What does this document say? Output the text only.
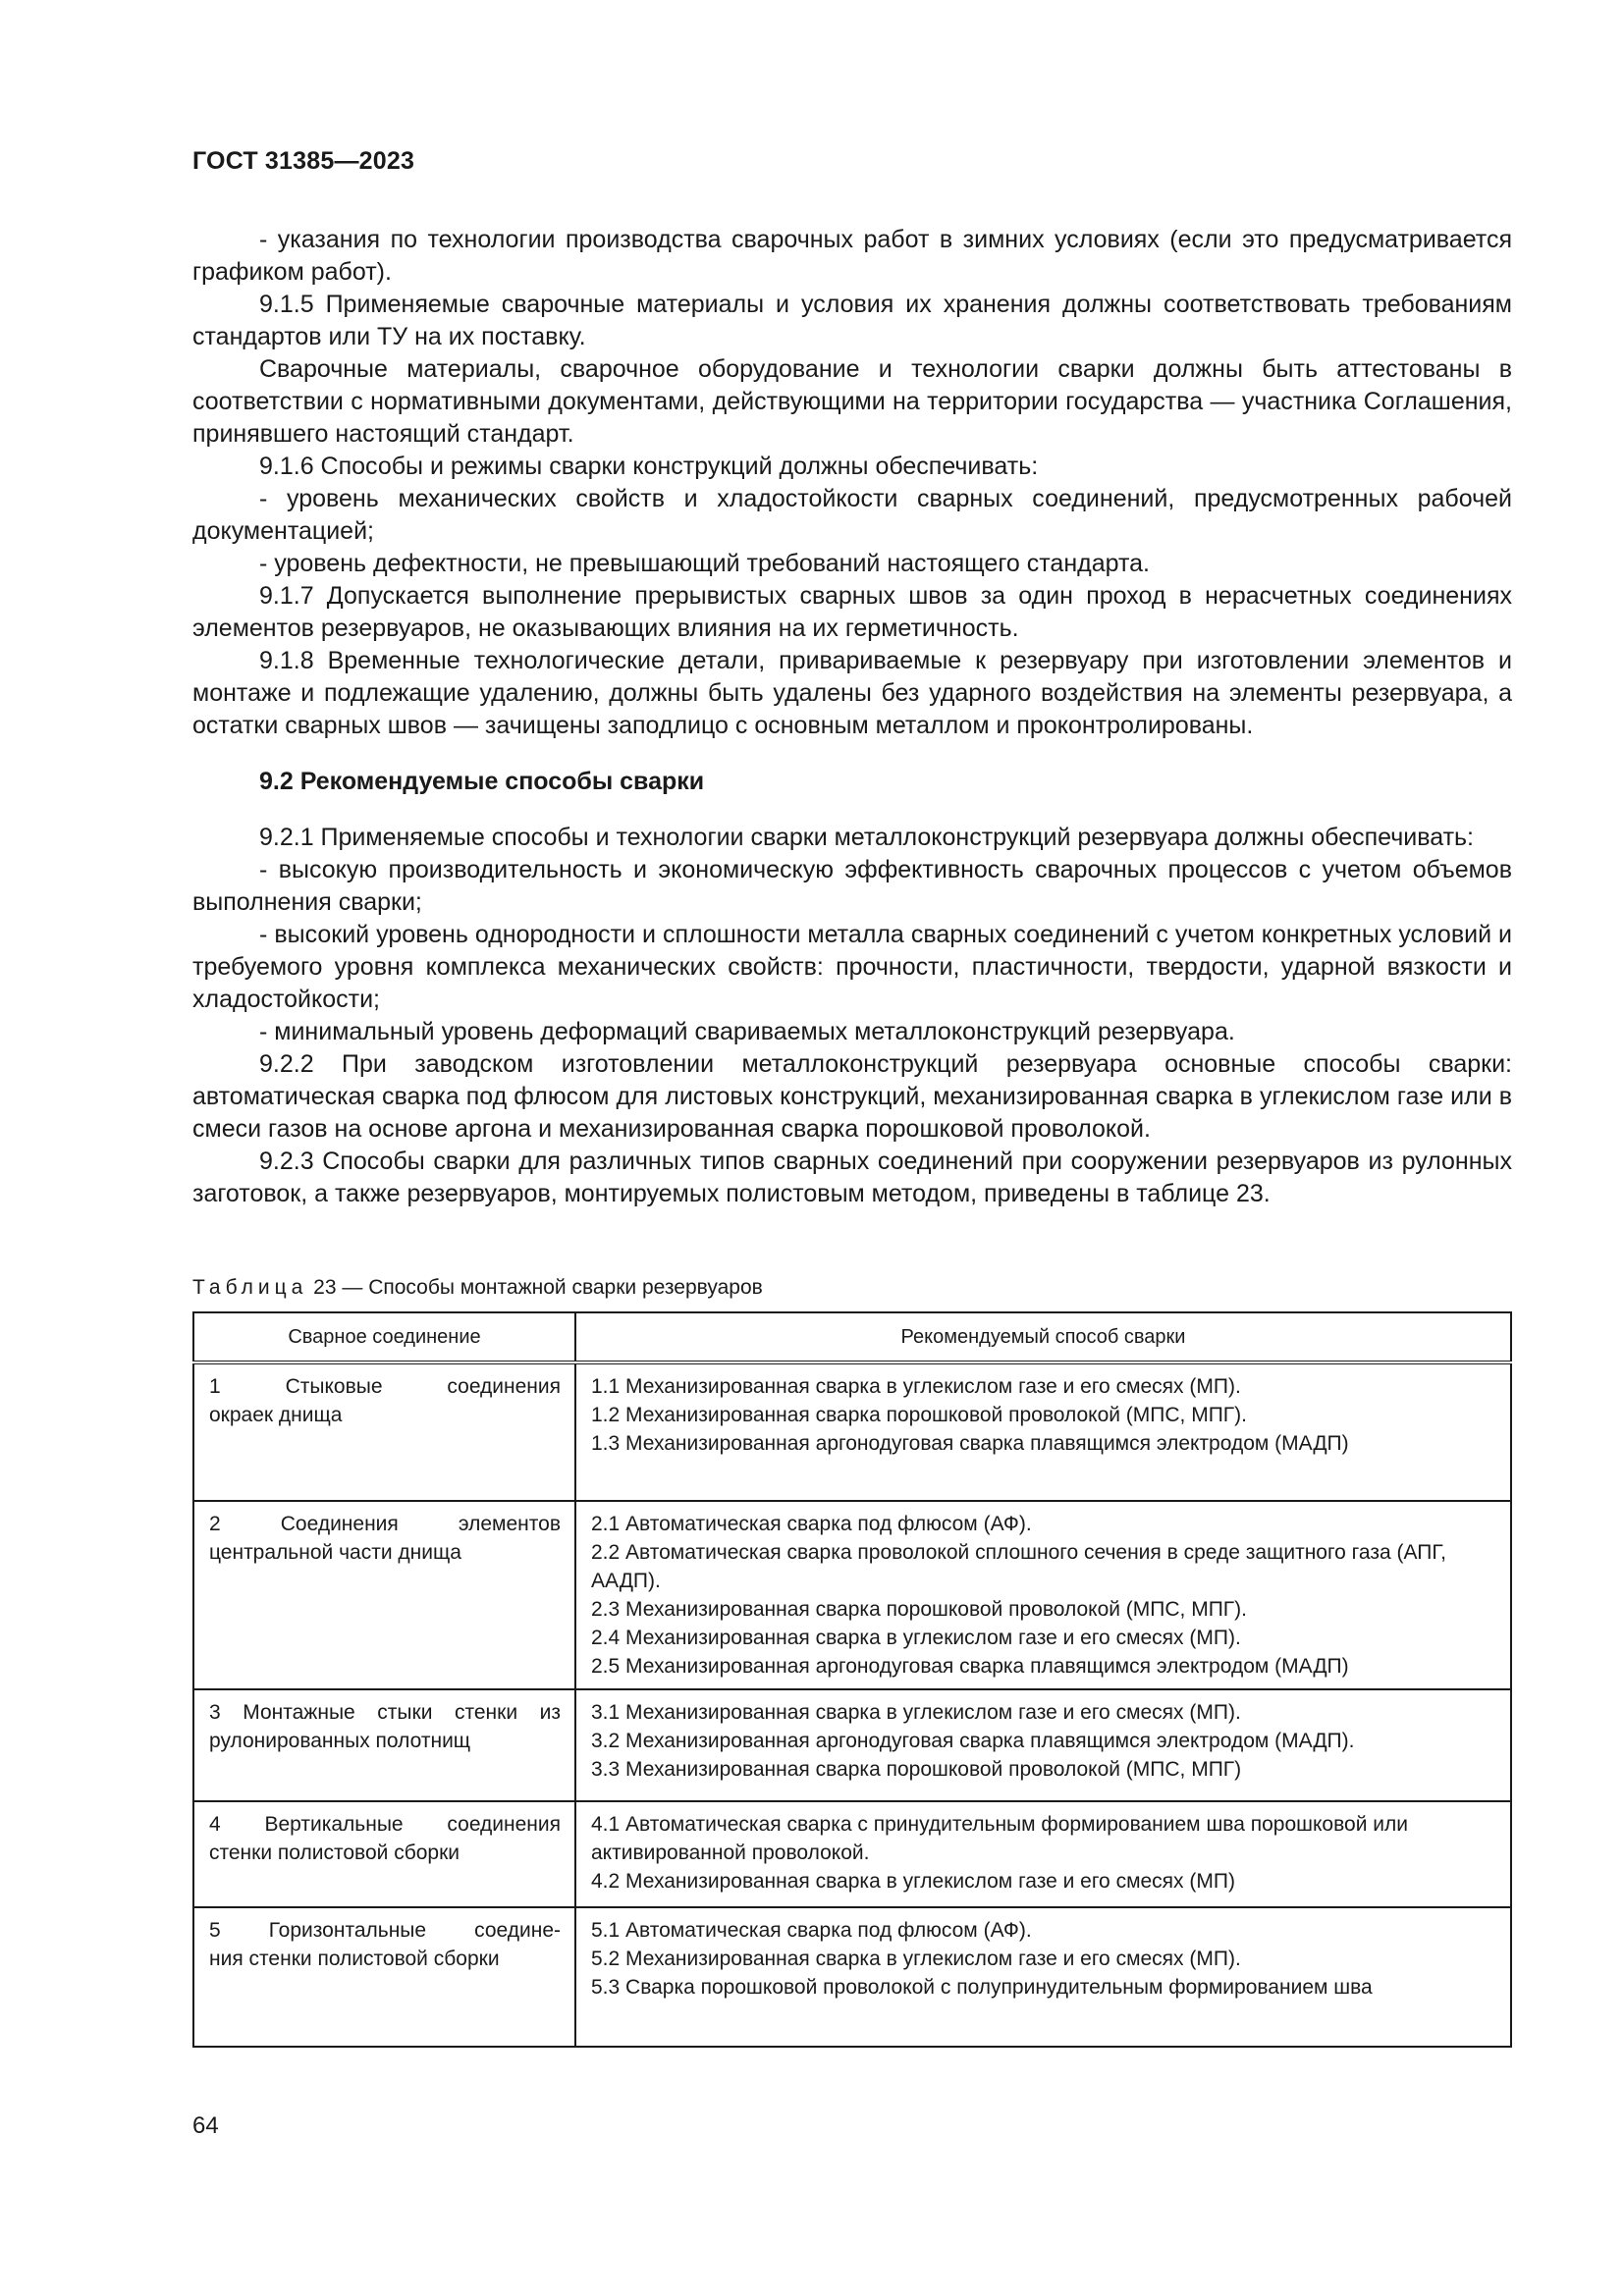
ГОСТ 31385—2023

- указания по технологии производства сварочных работ в зимних условиях (если это предусматривается графиком работ).

9.1.5 Применяемые сварочные материалы и условия их хранения должны соответствовать требованиям стандартов или ТУ на их поставку.

Сварочные материалы, сварочное оборудование и технологии сварки должны быть аттестованы в соответствии с нормативными документами, действующими на территории государства — участника Соглашения, принявшего настоящий стандарт.

9.1.6 Способы и режимы сварки конструкций должны обеспечивать:

- уровень механических свойств и хладостойкости сварных соединений, предусмотренных рабочей документацией;

- уровень дефектности, не превышающий требований настоящего стандарта.

9.1.7 Допускается выполнение прерывистых сварных швов за один проход в нерасчетных соединениях элементов резервуаров, не оказывающих влияния на их герметичность.

9.1.8 Временные технологические детали, привариваемые к резервуару при изготовлении элементов и монтаже и подлежащие удалению, должны быть удалены без ударного воздействия на элементы резервуара, а остатки сварных швов — зачищены заподлицо с основным металлом и проконтролированы.

9.2 Рекомендуемые способы сварки

9.2.1 Применяемые способы и технологии сварки металлоконструкций резервуара должны обеспечивать:

- высокую производительность и экономическую эффективность сварочных процессов с учетом объемов выполнения сварки;

- высокий уровень однородности и сплошности металла сварных соединений с учетом конкретных условий и требуемого уровня комплекса механических свойств: прочности, пластичности, твердости, ударной вязкости и хладостойкости;

- минимальный уровень деформаций свариваемых металлоконструкций резервуара.

9.2.2 При заводском изготовлении металлоконструкций резервуара основные способы сварки: автоматическая сварка под флюсом для листовых конструкций, механизированная сварка в углекислом газе или в смеси газов на основе аргона и механизированная сварка порошковой проволокой.

9.2.3 Способы сварки для различных типов сварных соединений при сооружении резервуаров из рулонных заготовок, а также резервуаров, монтируемых полистовым методом, приведены в таблице 23.

Таблица 23 — Способы монтажной сварки резервуаров
Сварное соединение	Рекомендуемый способ сварки

1 Стыковые соединения
окраек днища	1.1 Механизированная сварка в углекислом газе и его смесях (МП).
1.2 Механизированная сварка порошковой проволокой (МПС, МПГ).
1.3 Механизированная аргонодуговая сварка плавящимся электродом (МАДП)

2 Соединения элементов
центральной части днища	2.1 Автоматическая сварка под флюсом (АФ).
2.2 Автоматическая сварка проволокой сплошного сечения в среде защитного газа (АПГ, ААДП).
2.3 Механизированная сварка порошковой проволокой (МПС, МПГ).
2.4 Механизированная сварка в углекислом газе и его смесях (МП).
2.5 Механизированная аргонодуговая сварка плавящимся электродом (МАДП)

3 Монтажные стыки стенки из
рулонированных полотнищ	3.1 Механизированная сварка в углекислом газе и его смесях (МП).
3.2 Механизированная аргонодуговая сварка плавящимся электродом (МАДП).
3.3 Механизированная сварка порошковой проволокой (МПС, МПГ)

4 Вертикальные соединения
стенки полистовой сборки	4.1 Автоматическая сварка с принудительным формированием шва порошковой или активированной проволокой.
4.2 Механизированная сварка в углекислом газе и его смесях (МП)

5 Горизонтальные соедине-
ния стенки полистовой сборки	5.1 Автоматическая сварка под флюсом (АФ).
5.2 Механизированная сварка в углекислом газе и его смесях (МП).
5.3 Сварка порошковой проволокой с полупринудительным формированием шва
64
